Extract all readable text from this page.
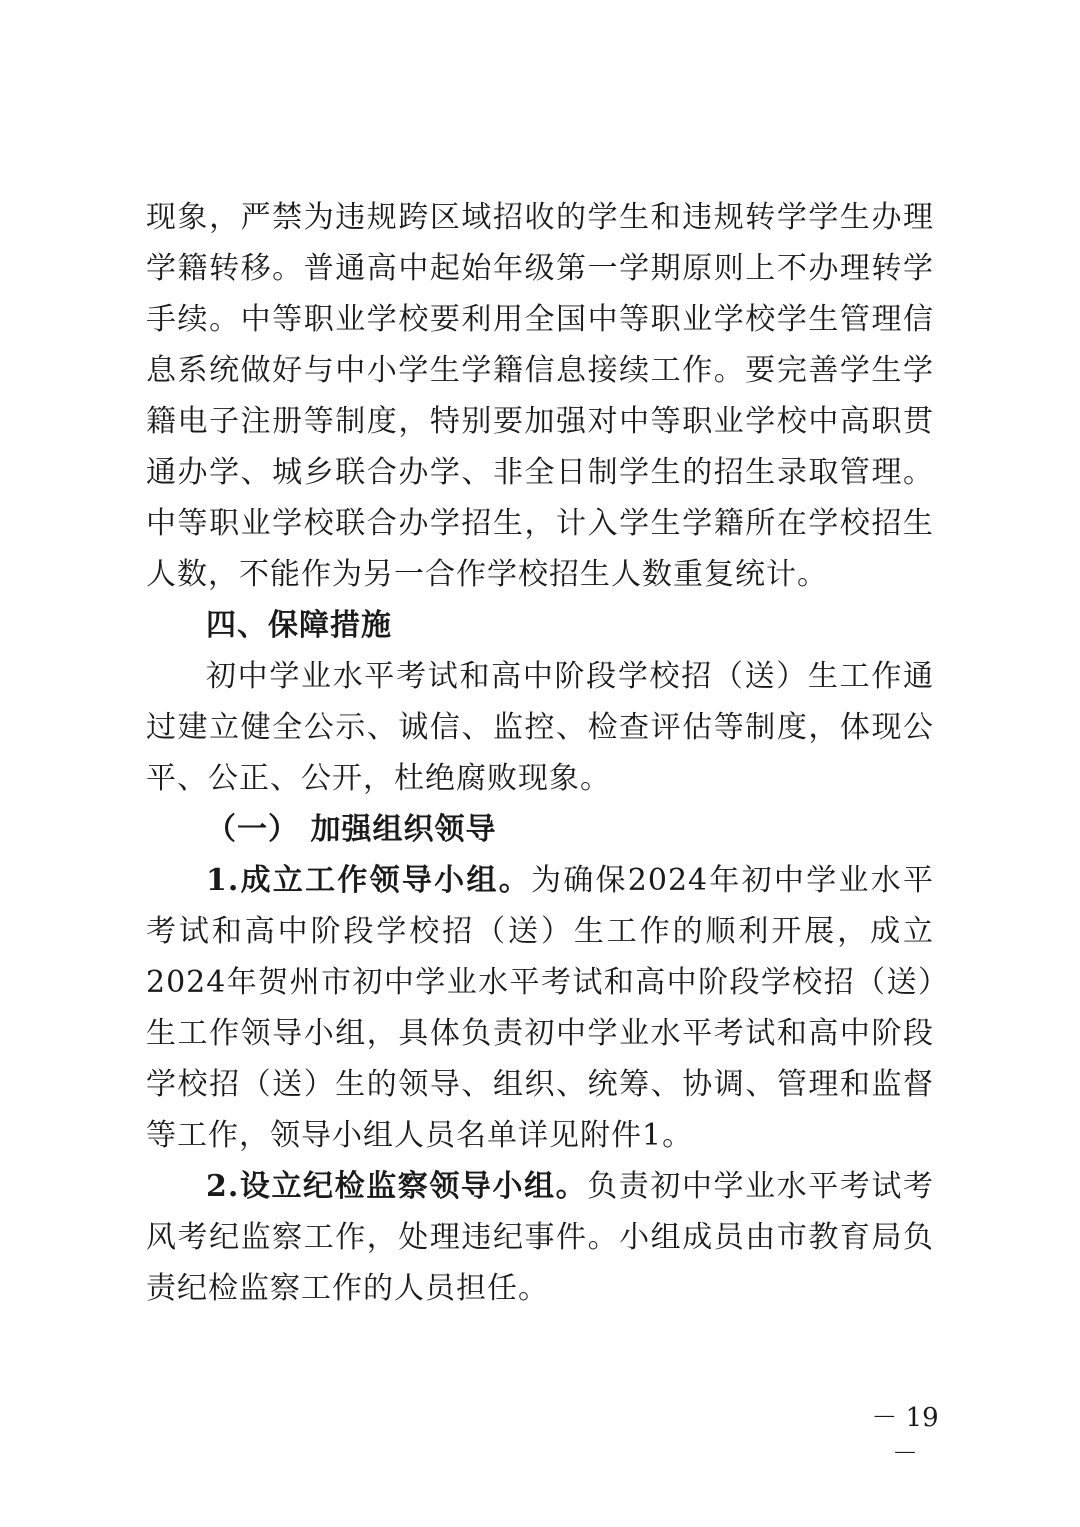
现象，严禁为违规跨区域招收的学生和违规转学学生办理学籍转移。普通高中起始年级第一学期原则上不办理转学手续。中等职业学校要利用全国中等职业学校学生管理信息系统做好与中小学生学籍信息接续工作。要完善学生学籍电子注册等制度，特别要加强对中等职业学校中高职贯通办学、城乡联合办学、非全日制学生的招生录取管理。中等职业学校联合办学招生，计入学生学籍所在学校招生人数，不能作为另一合作学校招生人数重复统计。

四、保障措施

初中学业水平考试和高中阶段学校招（送）生工作通过建立健全公示、诚信、监控、检查评估等制度，体现公平、公正、公开，杜绝腐败现象。

（一） 加强组织领导

1.成立工作领导小组。为确保2024年初中学业水平考试和高中阶段学校招（送）生工作的顺利开展，成立2024年贺州市初中学业水平考试和高中阶段学校招（送）生工作领导小组，具体负责初中学业水平考试和高中阶段学校招（送）生的领导、组织、统筹、协调、管理和监督等工作，领导小组人员名单详见附件1。

2.设立纪检监察领导小组。负责初中学业水平考试考风考纪监察工作，处理违纪事件。小组成员由市教育局负责纪检监察工作的人员担任。

－ 19 －
